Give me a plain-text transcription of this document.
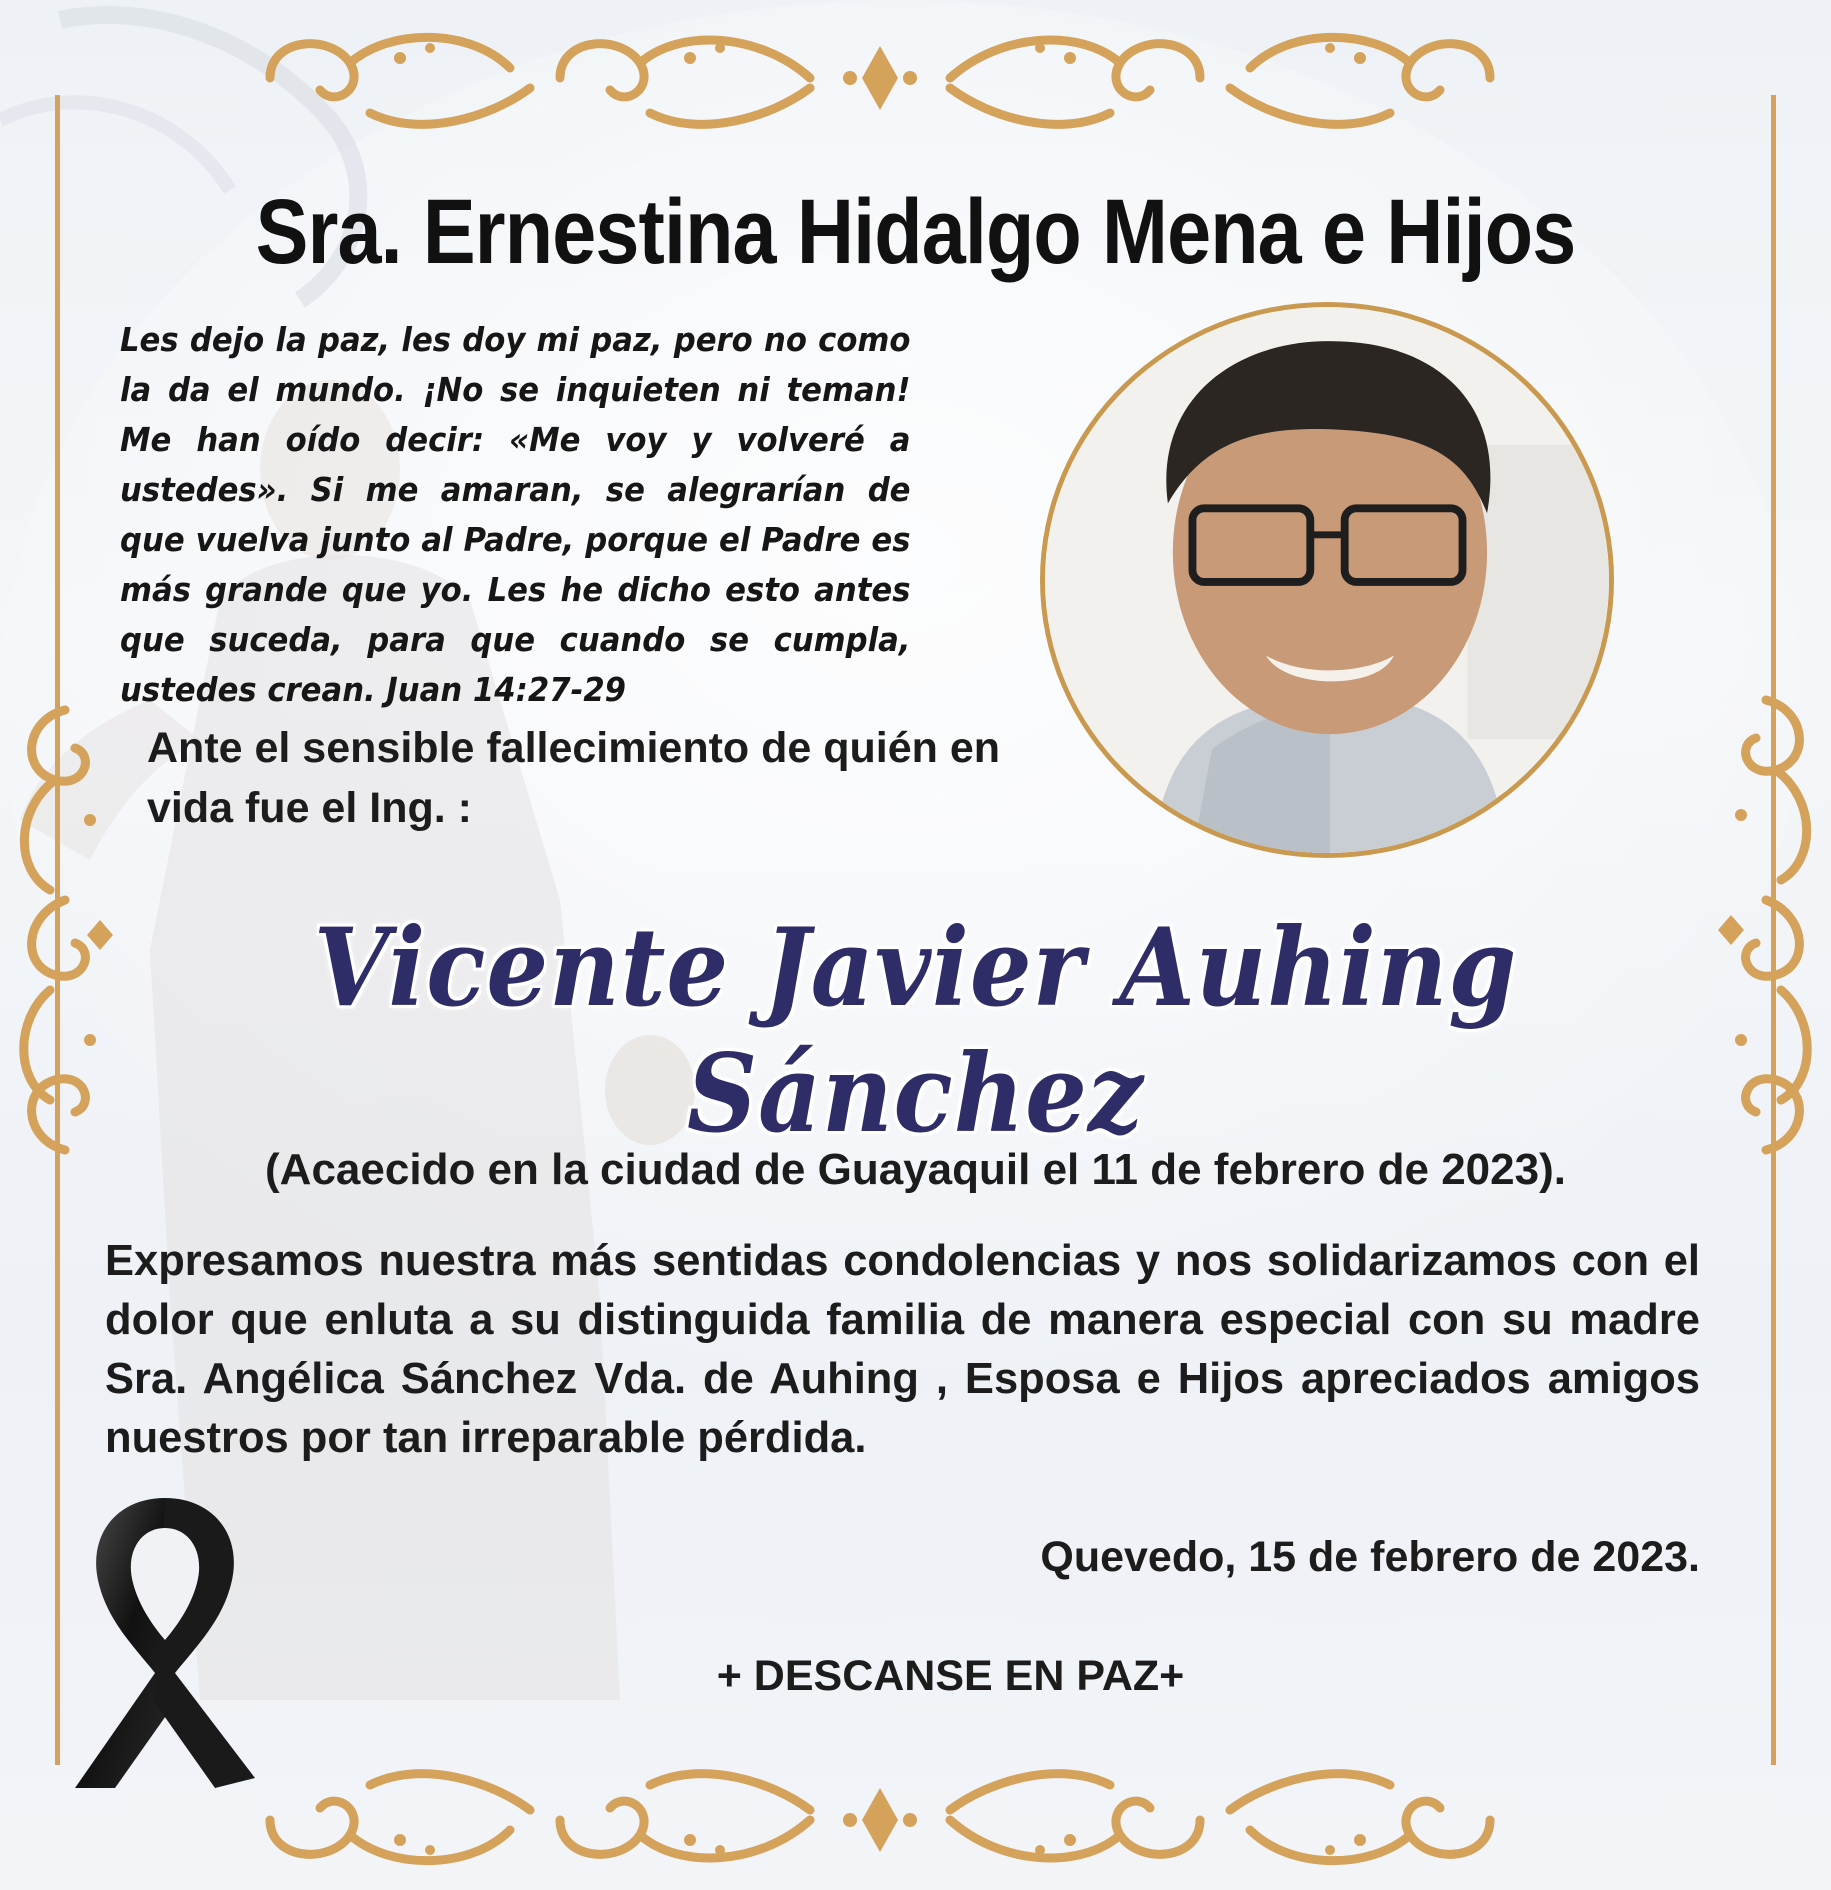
Sra. Ernestina Hidalgo Mena e Hijos
Les dejo la paz, les doy mi paz, pero no como la da el mundo. ¡No se inquieten ni teman! Me han oído decir: «Me voy y volveré a ustedes». Si me amaran, se alegrarían de que vuelva junto al Padre, porque el Padre es más grande que yo. Les he dicho esto antes que suceda, para que cuando se cumpla, ustedes crean. Juan 14:27-29
Ante el sensible fallecimiento de quién en vida fue el Ing. :
Vicente Javier Auhing Sánchez
(Acaecido en la ciudad de Guayaquil el 11 de febrero de 2023).
Expresamos nuestra más sentidas condolencias y nos solidarizamos con el dolor que enluta a su distinguida familia de manera especial con su madre Sra. Angélica Sánchez Vda. de Auhing , Esposa e Hijos apreciados amigos nuestros por tan irreparable pérdida.
Quevedo, 15 de febrero de 2023.
+ DESCANSE EN PAZ+
